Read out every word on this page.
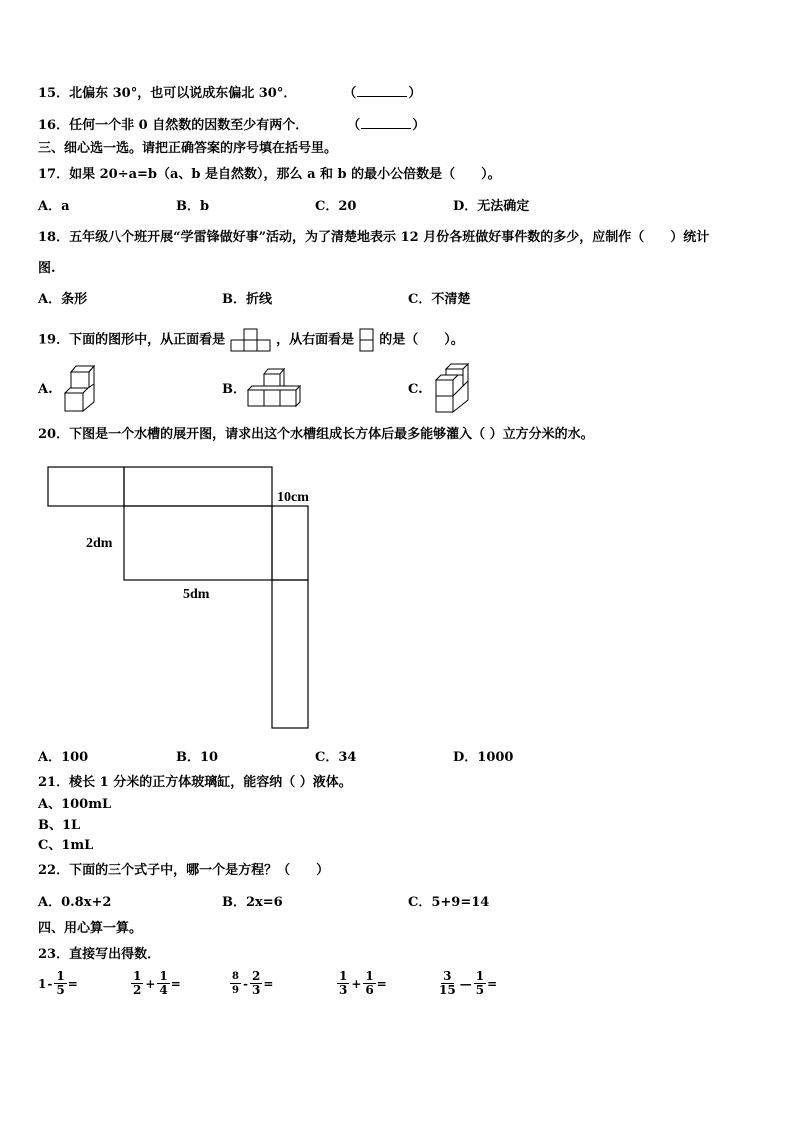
15．北偏东 30°，也可以说成东偏北 30°．	（	）
16．任何一个非 0 自然数的因数至少有两个．	（	）
三、细心选一选。请把正确答案的序号填在括号里。
17．如果 20÷a=b（a、b 是自然数），那么 a 和 b 的最小公倍数是（　　）。
A．a	B．b	C．20	D．无法确定
18．五年级八个班开展“学雷锋做好事”活动，为了清楚地表示 12 月份各班做好事件数的多少，应制作（　　）统计
图.
A．条形	B．折线	C．不清楚
19．下面的图形中，从正面看是	，从右面看是 的是（　　）。
A.	B．	C.
20．下图是一个水槽的展开图，请求出这个水槽组成长方体后最多能够灌入（ ）立方分米的水。
10cm
2dm
5dm
A．100	B．10	C．34	D．1000
21．棱长 1 分米的正方体玻璃缸，能容纳（ ）液体。
A、100mL
B、1L
C、1mL
22．下面的三个式子中，哪一个是方程？（　　）
A．0.8x+2	B．2x=6	C．5+9=14
四、用心算一算。
23．直接写出得数．
$1 - \frac{1}{5}$ =	$\frac{1}{2} + \frac{1}{4}$ =	$\frac{8}{9} - \frac{2}{3}$ =	$\frac{1}{3} + \frac{1}{6}$ =	$\frac{3}{15}$ — $\frac{1}{5}$ =
